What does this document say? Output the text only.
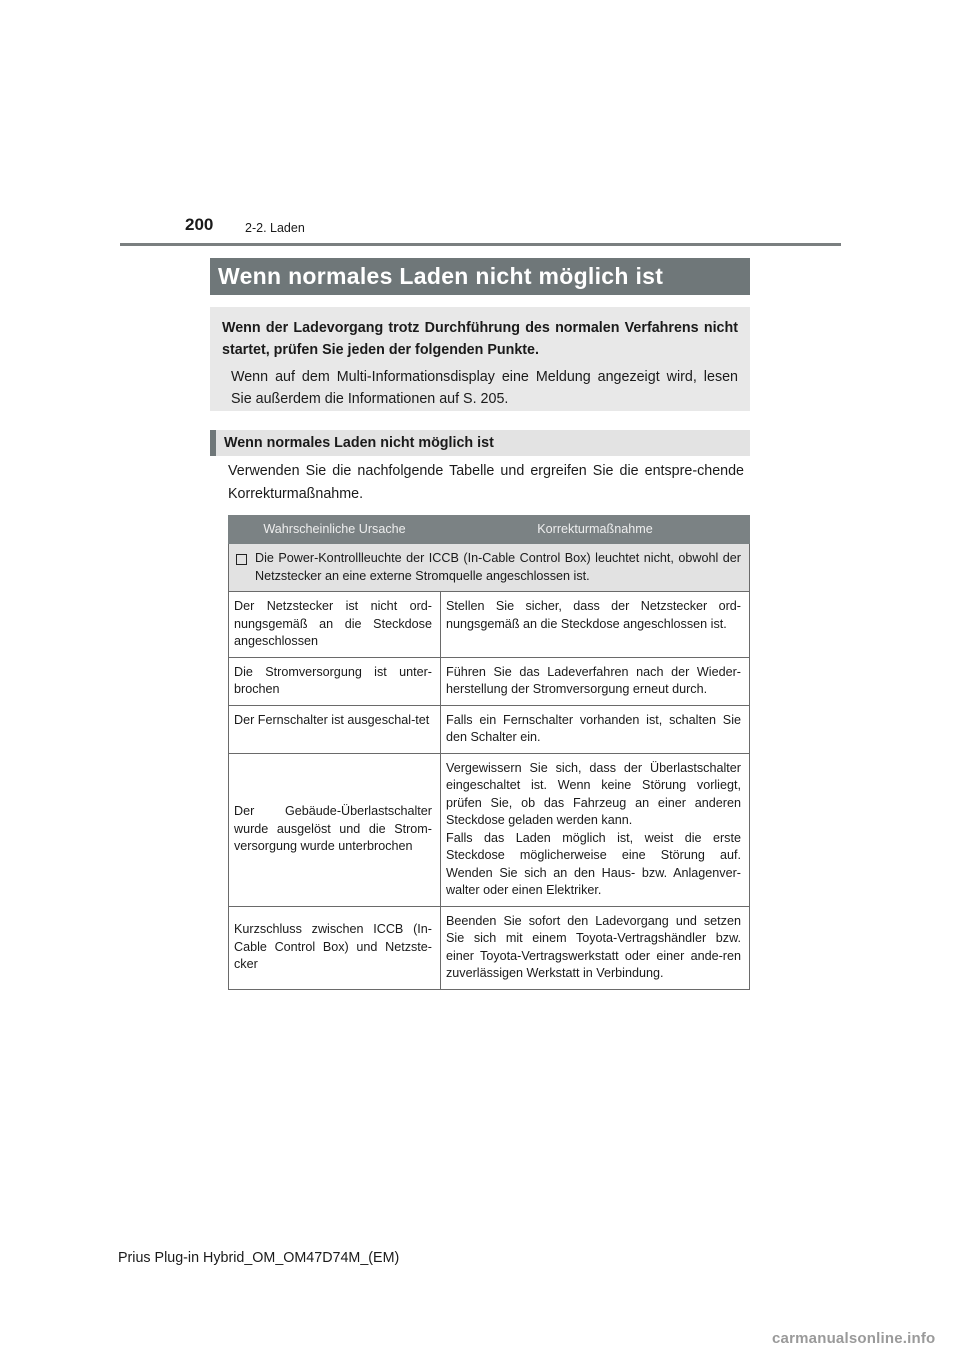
200	2-2. Laden
Wenn normales Laden nicht möglich ist
Wenn der Ladevorgang trotz Durchführung des normalen Verfahrens nicht startet, prüfen Sie jeden der folgenden Punkte.
Wenn auf dem Multi-Informationsdisplay eine Meldung angezeigt wird, lesen Sie außerdem die Informationen auf S. 205.
Wenn normales Laden nicht möglich ist
Verwenden Sie die nachfolgende Tabelle und ergreifen Sie die entspre-chende Korrekturmaßnahme.
Wahrscheinliche Ursache	Korrekturmaßnahme

Die Power-Kontrollleuchte der ICCB (In-Cable Control Box) leuchtet nicht, obwohl der Netzstecker an eine externe Stromquelle angeschlossen ist.	

Der Netzstecker ist nicht ord-nungsgemäß an die Steckdose angeschlossen	Stellen Sie sicher, dass der Netzstecker ord-nungsgemäß an die Steckdose angeschlossen ist.
Die Stromversorgung ist unter-brochen	Führen Sie das Ladeverfahren nach der Wieder-herstellung der Stromversorgung erneut durch.
Der Fernschalter ist ausgeschal-tet	Falls ein Fernschalter vorhanden ist, schalten Sie den Schalter ein.
Der Gebäude-Überlastschalter wurde ausgelöst und die Strom-versorgung wurde unterbrochen	Vergewissern Sie sich, dass der Überlastschalter eingeschaltet ist. Wenn keine Störung vorliegt, prüfen Sie, ob das Fahrzeug an einer anderen Steckdose geladen werden kann.
Falls das Laden möglich ist, weist die erste Steckdose möglicherweise eine Störung auf. Wenden Sie sich an den Haus- bzw. Anlagenver-walter oder einen Elektriker.
Kurzschluss zwischen ICCB (In-Cable Control Box) und Netzste-cker	Beenden Sie sofort den Ladevorgang und setzen Sie sich mit einem Toyota-Vertragshändler bzw. einer Toyota-Vertragswerkstatt oder einer ande-ren zuverlässigen Werkstatt in Verbindung.
Prius Plug-in Hybrid_OM_OM47D74M_(EM)
carmanualsonline.info
